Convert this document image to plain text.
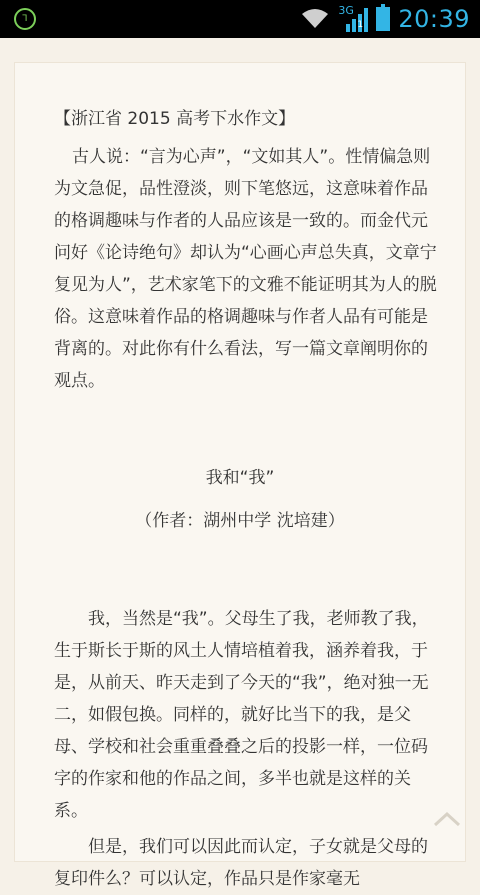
⅂
3G
1 20:39
【浙江省 2015 高考下水作文】
古人说：“言为心声”，“文如其人”。性情偏急则为文急促，品性澄淡，则下笔悠远，这意味着作品的格调趣味与作者的人品应该是一致的。而金代元问好《论诗绝句》却认为“心画心声总失真，文章宁复见为人”，艺术家笔下的文雅不能证明其为人的脱俗。这意味着作品的格调趣味与作者人品有可能是背离的。对此你有什么看法，写一篇文章阐明你的观点。
我和“我”
（作者：湖州中学 沈培建）
我，当然是“我”。父母生了我，老师教了我，生于斯长于斯的风土人情培植着我，涵养着我，于是，从前天、昨天走到了今天的“我”，绝对独一无二，如假包换。同样的，就好比当下的我，是父母、学校和社会重重叠叠之后的投影一样，一位码字的作家和他的作品之间，多半也就是这样的关系。
但是，我们可以因此而认定，子女就是父母的复印件么？可以认定，作品只是作家毫无
